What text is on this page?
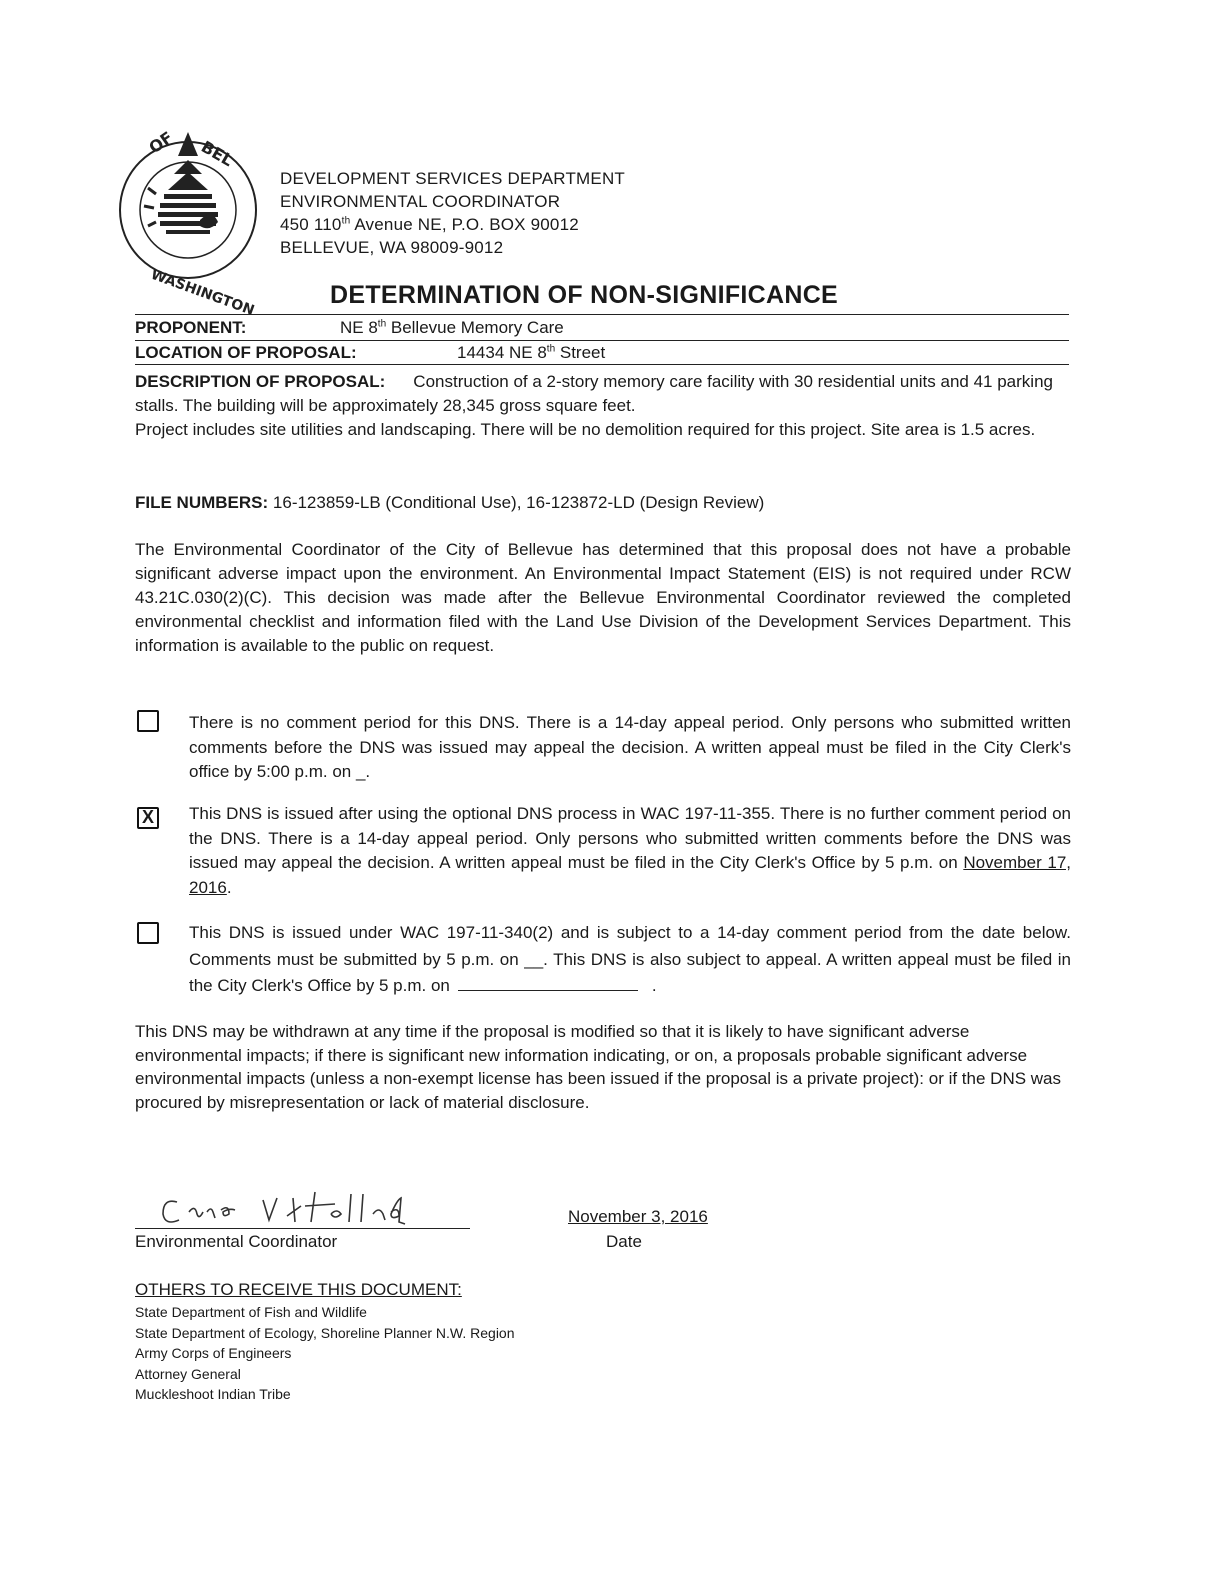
OF BEL
WASHINGTON
DEVELOPMENT SERVICES DEPARTMENT
ENVIRONMENTAL COORDINATOR
450 110th Avenue NE, P.O. BOX 90012
BELLEVUE, WA 98009-9012
DETERMINATION OF NON-SIGNIFICANCE
PROPONENT:	NE 8th Bellevue Memory Care
LOCATION OF PROPOSAL:	14434 NE 8th Street

DESCRIPTION OF PROPOSAL: Construction of a 2-story memory care facility with 30 residential units and 41 parking stalls. The building will be approximately 28,345 gross square feet.

Project includes site utilities and landscaping. There will be no demolition required for this project. Site area is 1.5 acres.

FILE NUMBERS: 16-123859-LB (Conditional Use), 16-123872-LD (Design Review)
The Environmental Coordinator of the City of Bellevue has determined that this proposal does not have a probable significant adverse impact upon the environment. An Environmental Impact Statement (EIS) is not required under RCW 43.21C.030(2)(C). This decision was made after the Bellevue Environmental Coordinator reviewed the completed environmental checklist and information filed with the Land Use Division of the Development Services Department. This information is available to the public on request.
There is no comment period for this DNS. There is a 14-day appeal period. Only persons who submitted written comments before the DNS was issued may appeal the decision. A written appeal must be filed in the City Clerk's office by 5:00 p.m. on _.
X This DNS is issued after using the optional DNS process in WAC 197-11-355. There is no further comment period on the DNS. There is a 14-day appeal period. Only persons who submitted written comments before the DNS was issued may appeal the decision. A written appeal must be filed in the City Clerk's Office by 5 p.m. on November 17, 2016.
This DNS is issued under WAC 197-11-340(2) and is subject to a 14-day comment period from the date below. Comments must be submitted by 5 p.m. on __. This DNS is also subject to appeal. A written appeal must be filed in the City Clerk's Office by 5 p.m. on	.
This DNS may be withdrawn at any time if the proposal is modified so that it is likely to have significant adverse environmental impacts; if there is significant new information indicating, or on, a proposals probable significant adverse environmental impacts (unless a non-exempt license has been issued if the proposal is a private project): or if the DNS was procured by misrepresentation or lack of material disclosure.
Environmental Coordinator
November 3, 2016
Date
OTHERS TO RECEIVE THIS DOCUMENT:
State Department of Fish and Wildlife
State Department of Ecology, Shoreline Planner N.W. Region
Army Corps of Engineers
Attorney General
Muckleshoot Indian Tribe
